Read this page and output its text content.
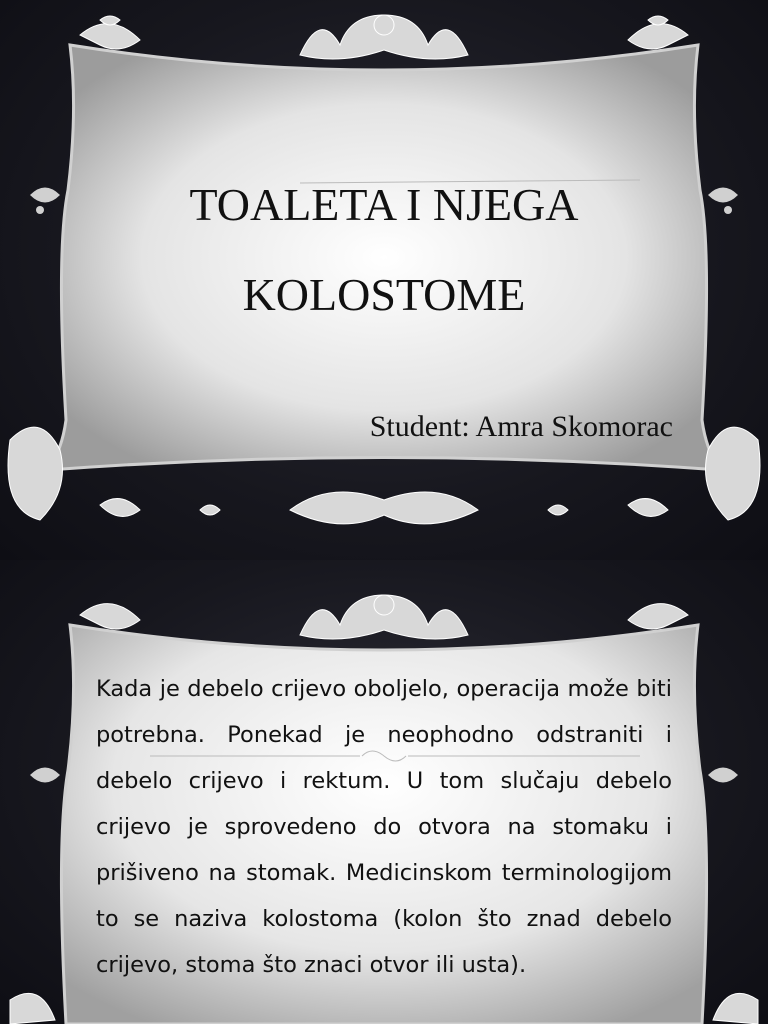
TOALETA I NJEGA
KOLOSTOME
Student: Amra Skomorac
Kada je debelo crijevo oboljelo, operacija može biti potrebna. Ponekad je neophodno odstraniti i debelo crijevo i rektum. U tom slučaju debelo crijevo je sprovedeno do otvora na stomaku i prišiveno na stomak. Medicinskom terminologijom to se naziva kolostoma (kolon što znad debelo crijevo, stoma što znaci otvor ili usta).
